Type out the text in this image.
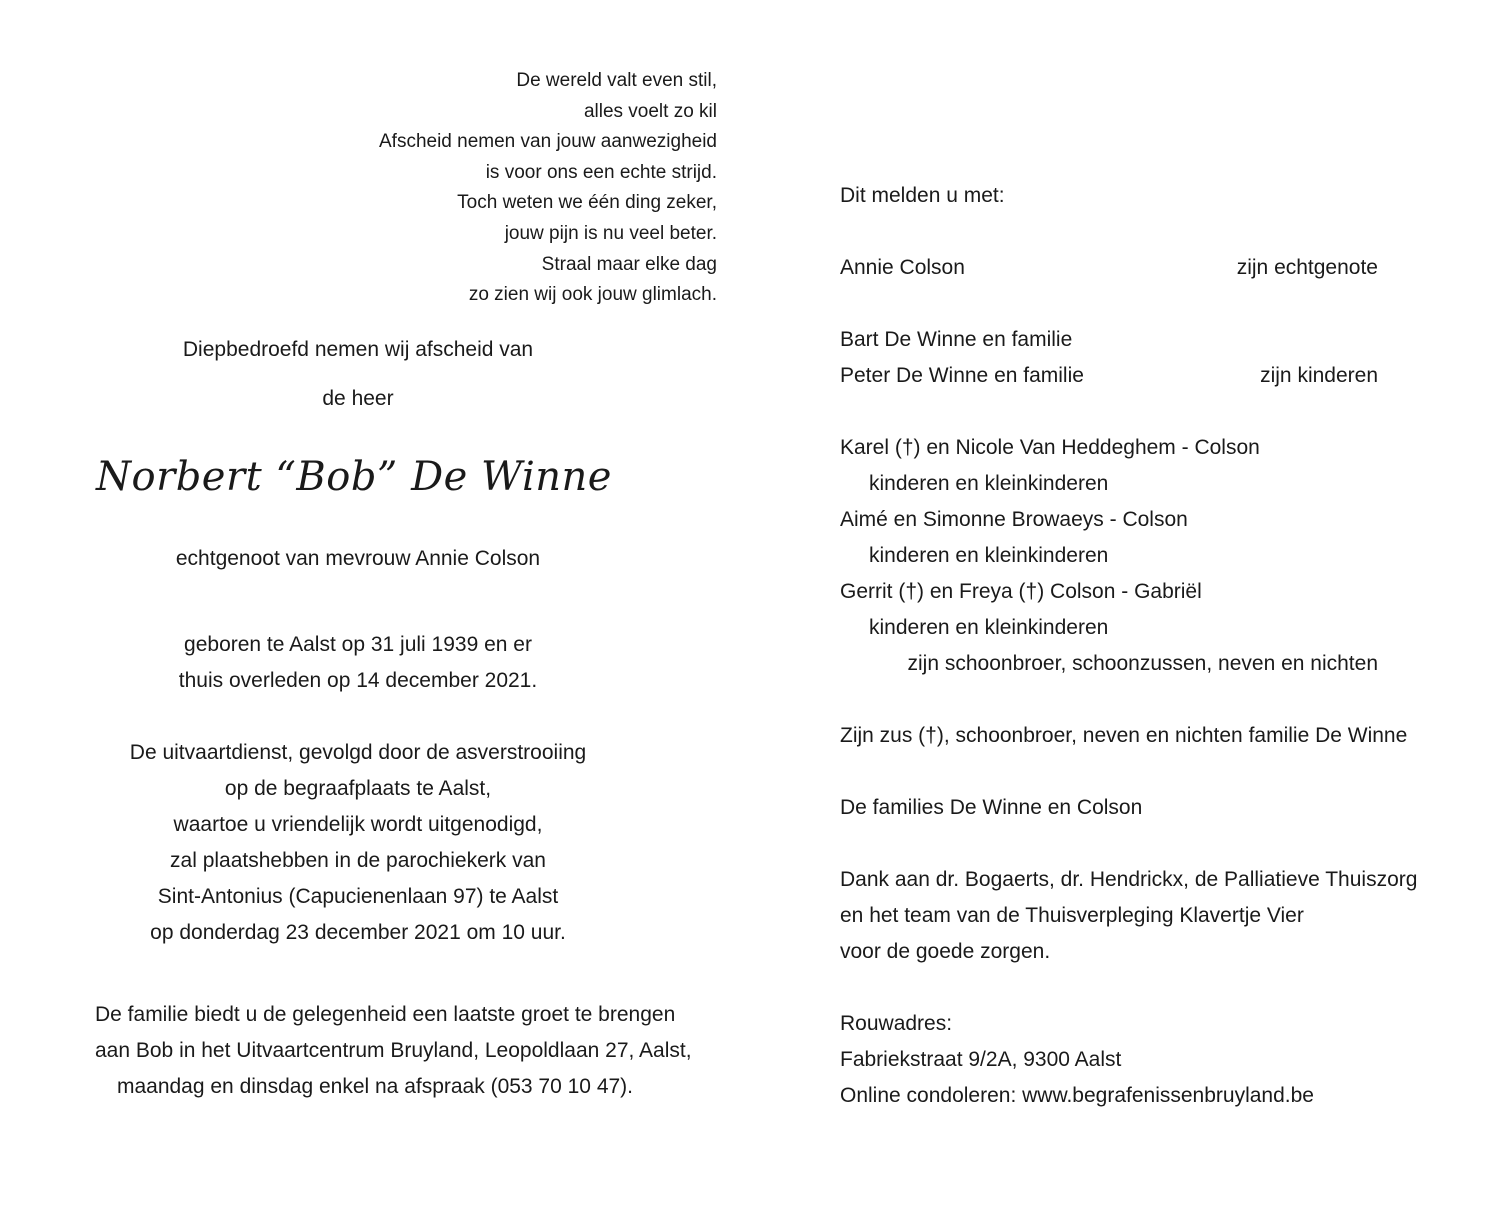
De wereld valt even stil,
alles voelt zo kil
Afscheid nemen van jouw aanwezigheid
is voor ons een echte strijd.
Toch weten we één ding zeker,
jouw pijn is nu veel beter.
Straal maar elke dag
zo zien wij ook jouw glimlach.
Diepbedroefd nemen wij afscheid van
de heer
Norbert “Bob” De Winne
echtgenoot van mevrouw Annie Colson
geboren te Aalst op 31 juli 1939 en er
thuis overleden op 14 december 2021.
De uitvaartdienst, gevolgd door de asverstrooiing
op de begraafplaats te Aalst,
waartoe u vriendelijk wordt uitgenodigd,
zal plaatshebben in de parochiekerk van
Sint-Antonius (Capucienenlaan 97) te Aalst
op donderdag 23 december 2021 om 10 uur.
De familie biedt u de gelegenheid een laatste groet te brengen
aan Bob in het Uitvaartcentrum Bruyland, Leopoldlaan 27, Aalst,
maandag en dinsdag enkel na afspraak (053 70 10 47).
Dit melden u met:
Annie Colson	zijn echtgenote
Bart De Winne en familie
Peter De Winne en familie	zijn kinderen
Karel (†) en Nicole Van Heddeghem - Colson
kinderen en kleinkinderen
Aimé en Simonne Browaeys - Colson
kinderen en kleinkinderen
Gerrit (†) en Freya (†) Colson - Gabriël
kinderen en kleinkinderen
zijn schoonbroer, schoonzussen, neven en nichten
Zijn zus (†), schoonbroer, neven en nichten familie De Winne
De families De Winne en Colson
Dank aan dr. Bogaerts, dr. Hendrickx, de Palliatieve Thuiszorg
en het team van de Thuisverpleging Klavertje Vier
voor de goede zorgen.
Rouwadres:
Fabriekstraat 9/2A, 9300 Aalst
Online condoleren: www.begrafenissenbruyland.be
